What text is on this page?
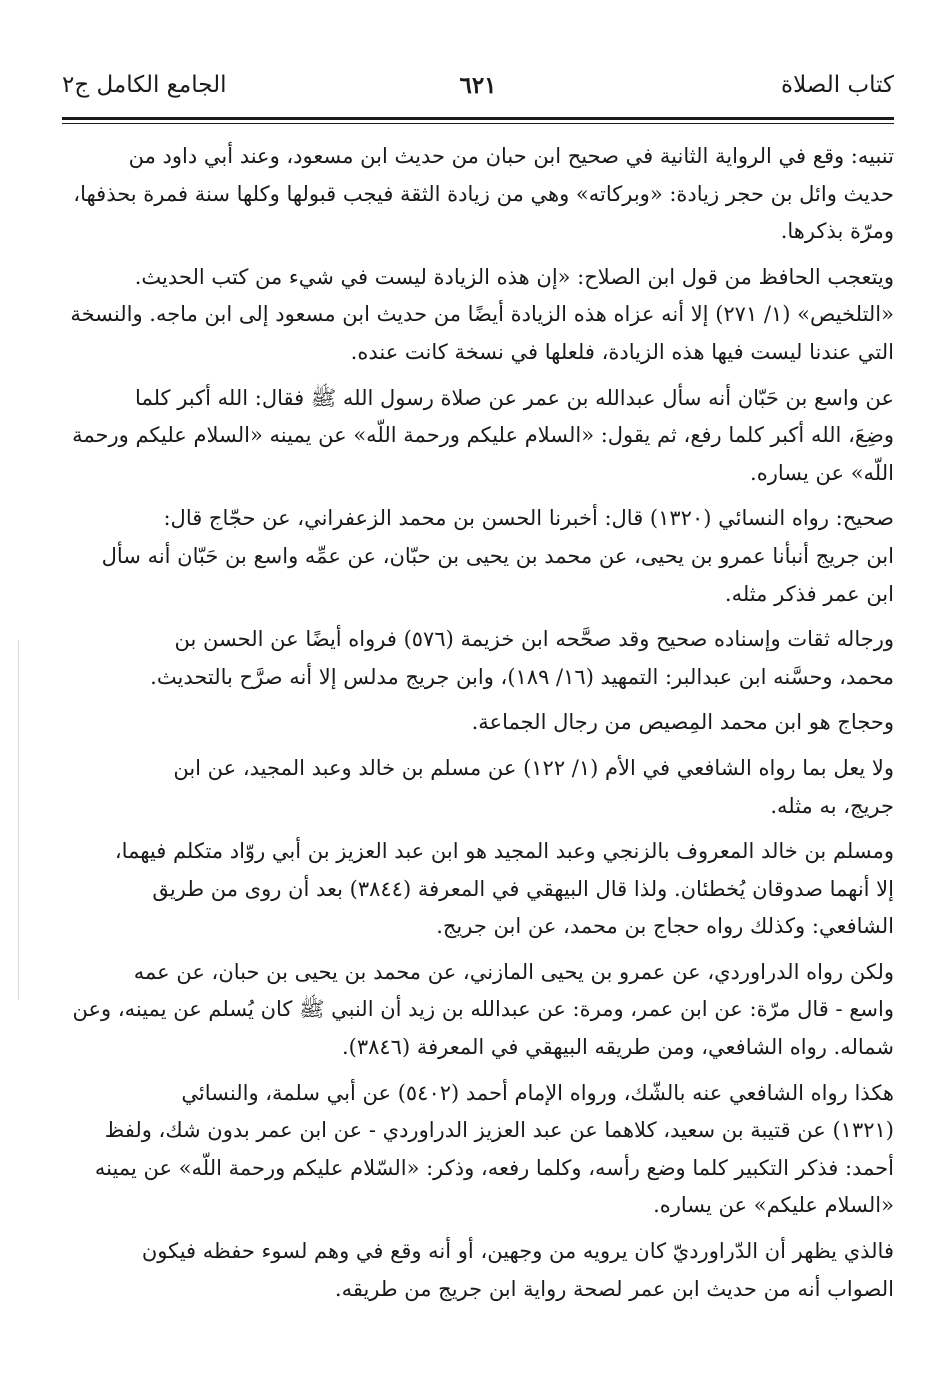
كتاب الصلاة
٦٢١
الجامع الكامل ج٢
تنبيه: وقع في الرواية الثانية في صحيح ابن حبان من حديث ابن مسعود، وعند أبي داود من
حديث وائل بن حجر زيادة: «وبركاته» وهي من زيادة الثقة فيجب قبولها وكلها سنة فمرة بحذفها،
ومرّة بذكرها.
ويتعجب الحافظ من قول ابن الصلاح: «إن هذه الزيادة ليست في شيء من كتب الحديث.
«التلخيص» (١/ ٢٧١) إلا أنه عزاه هذه الزيادة أيضًا من حديث ابن مسعود إلى ابن ماجه. والنسخة
التي عندنا ليست فيها هذه الزيادة، فلعلها في نسخة كانت عنده.
عن واسع بن حَبّان أنه سأل عبدالله بن عمر عن صلاة رسول الله ﷺ فقال: الله أكبر كلما
وضِعَ، الله أكبر كلما رفع، ثم يقول: «السلام عليكم ورحمة اللّه» عن يمينه «السلام عليكم ورحمة
اللّه» عن يساره.
صحيح: رواه النسائي (١٣٢٠) قال: أخبرنا الحسن بن محمد الزعفراني، عن حجّاج قال:
ابن جريج أنبأنا عمرو بن يحيى، عن محمد بن يحيى بن حبّان، عن عمِّه واسع بن حَبّان أنه سأل
ابن عمر فذكر مثله.
ورجاله ثقات وإسناده صحيح وقد صحَّحه ابن خزيمة (٥٧٦) فرواه أيضًا عن الحسن بن
محمد، وحسَّنه ابن عبدالبر: التمهيد (١٦/ ١٨٩)، وابن جريج مدلس إلا أنه صرَّح بالتحديث.
وحجاج هو ابن محمد المِصيص من رجال الجماعة.
ولا يعل بما رواه الشافعي في الأم (١/ ١٢٢) عن مسلم بن خالد وعبد المجيد، عن ابن
جريج، به مثله.
ومسلم بن خالد المعروف بالزنجي وعبد المجيد هو ابن عبد العزيز بن أبي روّاد متكلم فيهما،
إلا أنهما صدوقان يُخطئان. ولذا قال البيهقي في المعرفة (٣٨٤٤) بعد أن روى من طريق
الشافعي: وكذلك رواه حجاج بن محمد، عن ابن جريج.
ولكن رواه الدراوردي، عن عمرو بن يحيى المازني، عن محمد بن يحيى بن حبان، عن عمه
واسع - قال مرّة: عن ابن عمر، ومرة: عن عبدالله بن زيد أن النبي ﷺ كان يُسلم عن يمينه، وعن
شماله. رواه الشافعي، ومن طريقه البيهقي في المعرفة (٣٨٤٦).
هكذا رواه الشافعي عنه بالشّك، ورواه الإمام أحمد (٥٤٠٢) عن أبي سلمة، والنسائي
(١٣٢١) عن قتيبة بن سعيد، كلاهما عن عبد العزيز الدراوردي - عن ابن عمر بدون شك، ولفظ
أحمد: فذكر التكبير كلما وضع رأسه، وكلما رفعه، وذكر: «السّلام عليكم ورحمة اللّه» عن يمينه
«السلام عليكم» عن يساره.
فالذي يظهر أن الدّراورديّ كان يرويه من وجهين، أو أنه وقع في وهم لسوء حفظه فيكون
الصواب أنه من حديث ابن عمر لصحة رواية ابن جريج من طريقه.
